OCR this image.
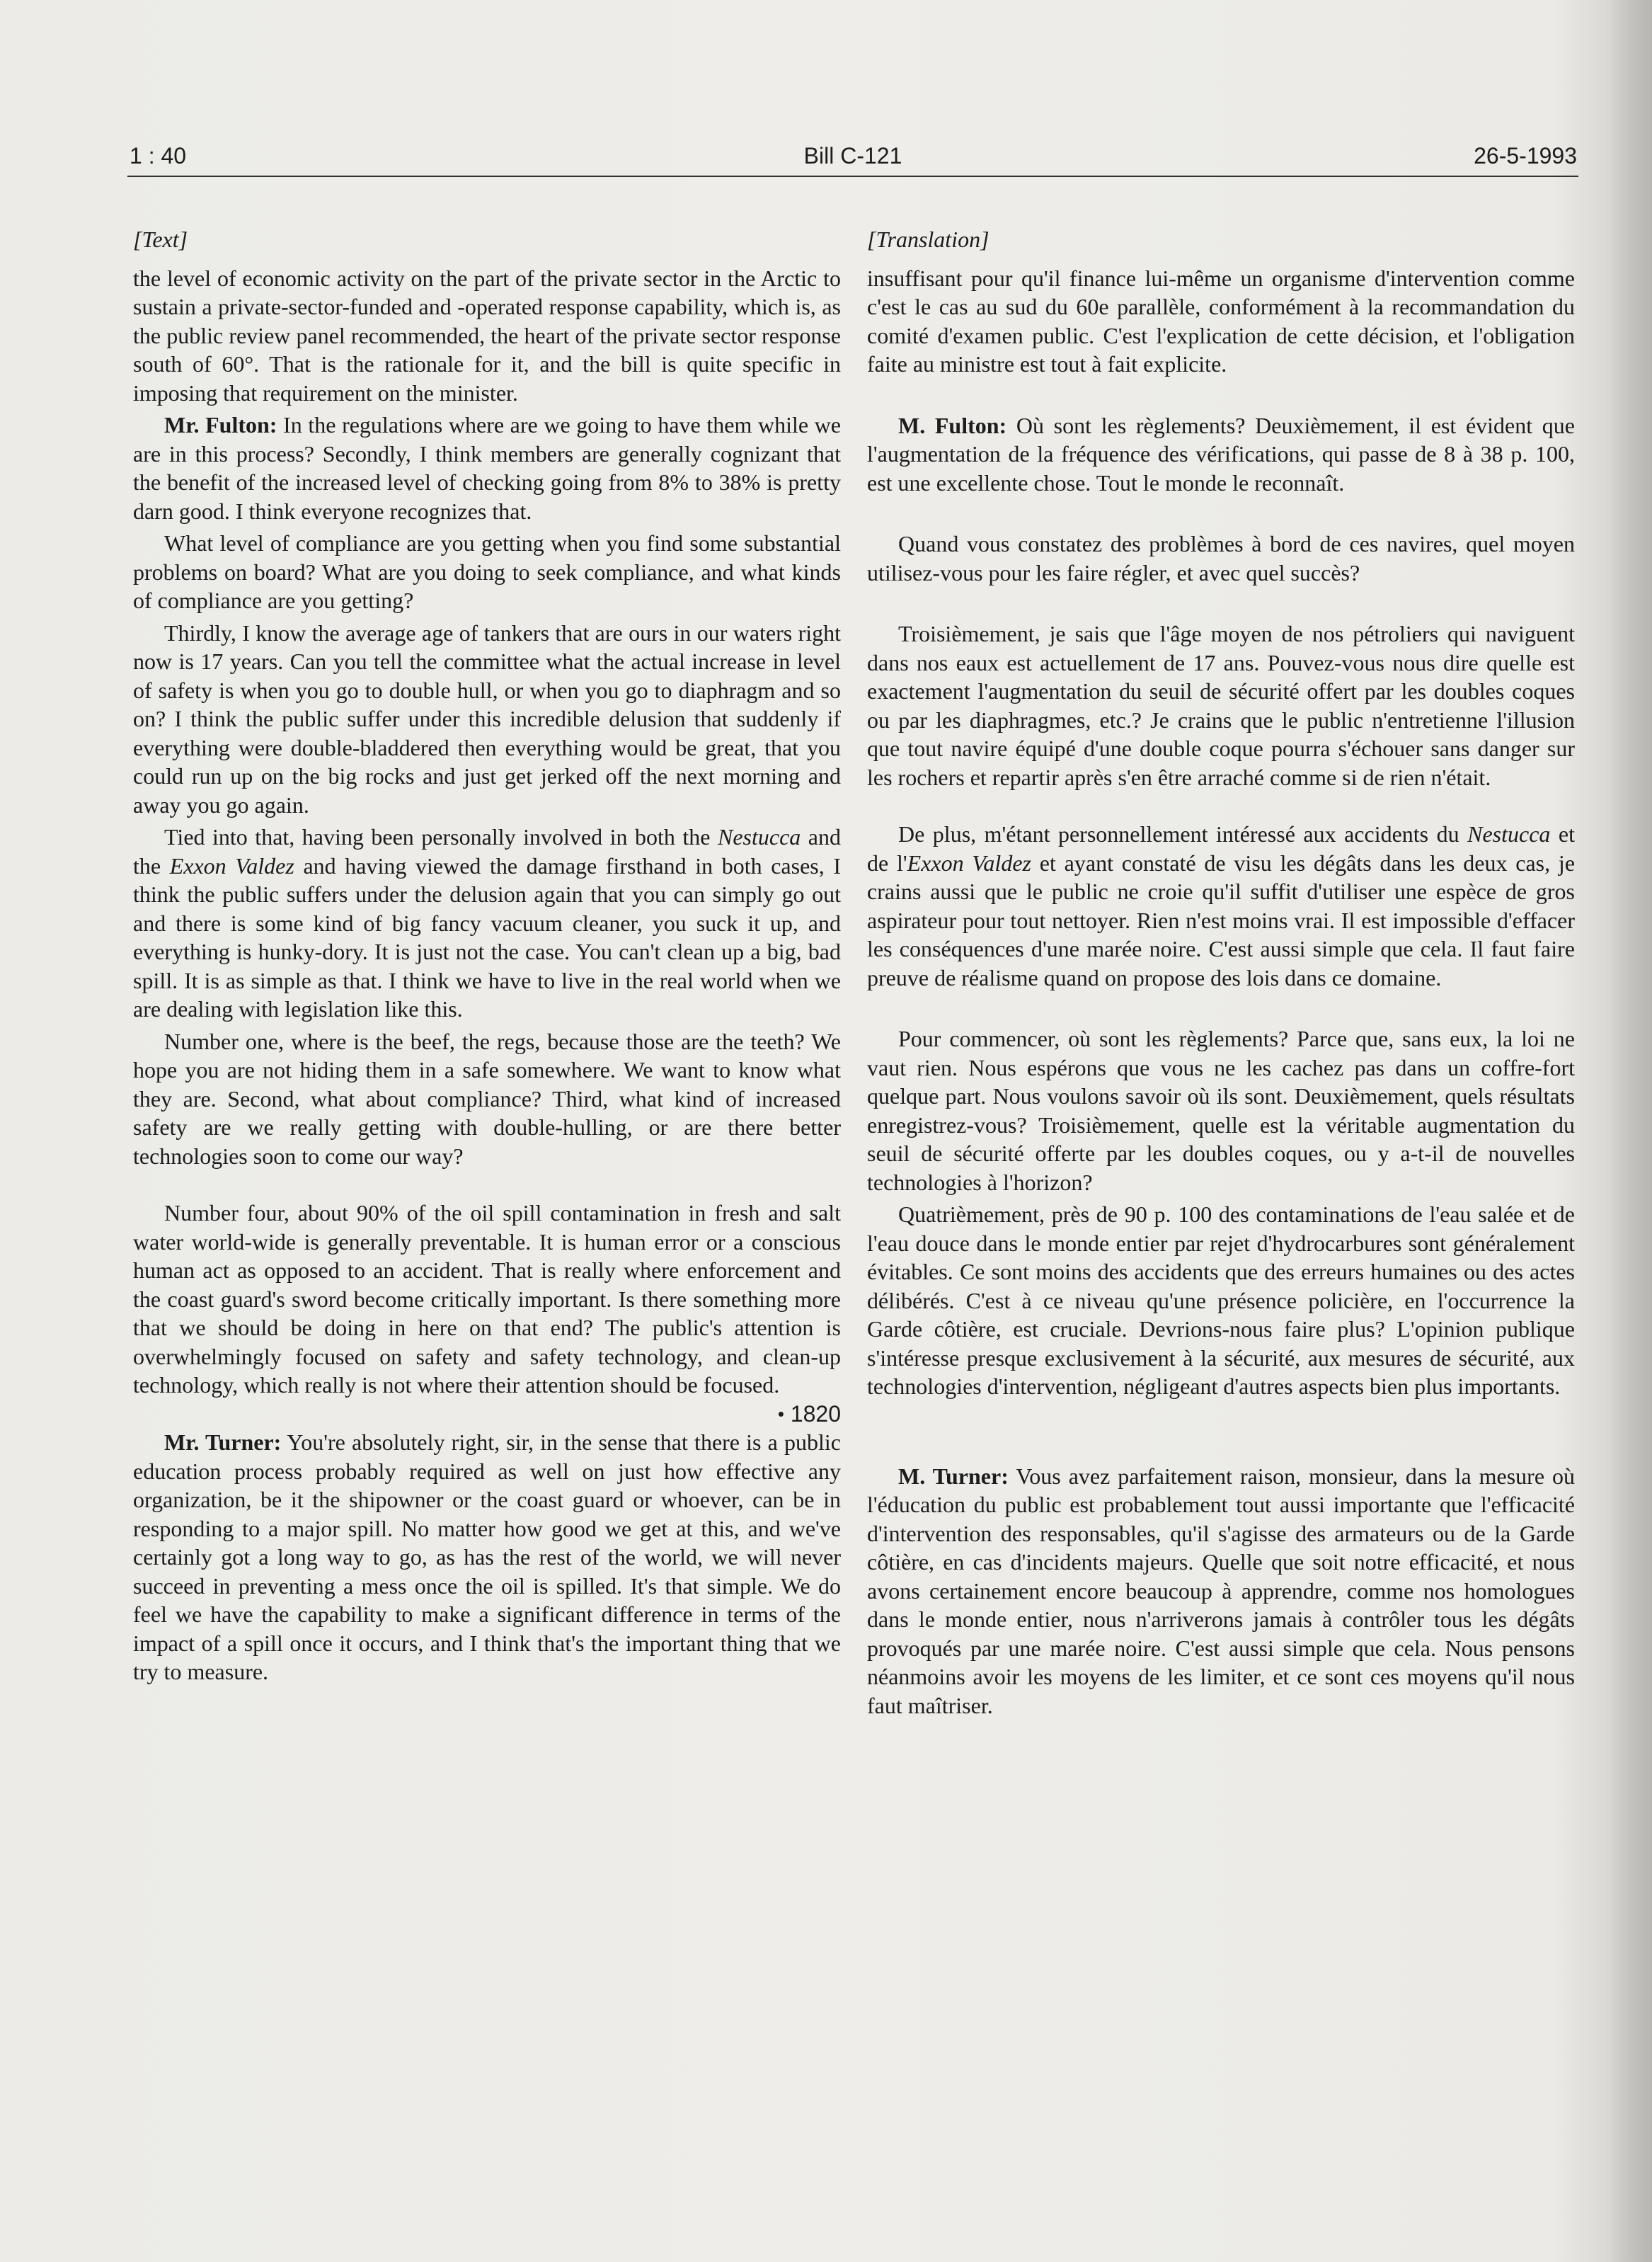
1 : 40	Bill C-121	26-5-1993

[Text]

the level of economic activity on the part of the private sector in the Arctic to sustain a private-sector-funded and -operated response capability, which is, as the public review panel recommended, the heart of the private sector response south of 60°. That is the rationale for it, and the bill is quite specific in imposing that requirement on the minister.

Mr. Fulton: In the regulations where are we going to have them while we are in this process? Secondly, I think members are generally cognizant that the benefit of the increased level of checking going from 8% to 38% is pretty darn good. I think everyone recognizes that.

What level of compliance are you getting when you find some substantial problems on board? What are you doing to seek compliance, and what kinds of compliance are you getting?

Thirdly, I know the average age of tankers that are ours in our waters right now is 17 years. Can you tell the committee what the actual increase in level of safety is when you go to double hull, or when you go to diaphragm and so on? I think the public suffer under this incredible delusion that suddenly if everything were double-bladdered then everything would be great, that you could run up on the big rocks and just get jerked off the next morning and away you go again.

Tied into that, having been personally involved in both the Nestucca and the Exxon Valdez and having viewed the damage firsthand in both cases, I think the public suffers under the delusion again that you can simply go out and there is some kind of big fancy vacuum cleaner, you suck it up, and everything is hunky-dory. It is just not the case. You can't clean up a big, bad spill. It is as simple as that. I think we have to live in the real world when we are dealing with legislation like this.

Number one, where is the beef, the regs, because those are the teeth? We hope you are not hiding them in a safe somewhere. We want to know what they are. Second, what about compliance? Third, what kind of increased safety are we really getting with double-hulling, or are there better technologies soon to come our way?

Number four, about 90% of the oil spill contamination in fresh and salt water world-wide is generally preventable. It is human error or a conscious human act as opposed to an accident. That is really where enforcement and the coast guard's sword become critically important. Is there something more that we should be doing in here on that end? The public's attention is overwhelmingly focused on safety and safety technology, and clean-up technology, which really is not where their attention should be focused.

• 1820

Mr. Turner: You're absolutely right, sir, in the sense that there is a public education process probably required as well on just how effective any organization, be it the shipowner or the coast guard or whoever, can be in responding to a major spill. No matter how good we get at this, and we've certainly got a long way to go, as has the rest of the world, we will never succeed in preventing a mess once the oil is spilled. It's that simple. We do feel we have the capability to make a significant difference in terms of the impact of a spill once it occurs, and I think that's the important thing that we try to measure.

[Translation]

insuffisant pour qu'il finance lui-même un organisme d'intervention comme c'est le cas au sud du 60e parallèle, conformément à la recommandation du comité d'examen public. C'est l'explication de cette décision, et l'obligation faite au ministre est tout à fait explicite.

M. Fulton: Où sont les règlements? Deuxièmement, il est évident que l'augmentation de la fréquence des vérifications, qui passe de 8 à 38 p. 100, est une excellente chose. Tout le monde le reconnaît.

Quand vous constatez des problèmes à bord de ces navires, quel moyen utilisez-vous pour les faire régler, et avec quel succès?

Troisièmement, je sais que l'âge moyen de nos pétroliers qui naviguent dans nos eaux est actuellement de 17 ans. Pouvez-vous nous dire quelle est exactement l'augmentation du seuil de sécurité offert par les doubles coques ou par les diaphragmes, etc.? Je crains que le public n'entretienne l'illusion que tout navire équipé d'une double coque pourra s'échouer sans danger sur les rochers et repartir après s'en être arraché comme si de rien n'était.

De plus, m'étant personnellement intéressé aux accidents du Nestucca et de l'Exxon Valdez et ayant constaté de visu les dégâts dans les deux cas, je crains aussi que le public ne croie qu'il suffit d'utiliser une espèce de gros aspirateur pour tout nettoyer. Rien n'est moins vrai. Il est impossible d'effacer les conséquences d'une marée noire. C'est aussi simple que cela. Il faut faire preuve de réalisme quand on propose des lois dans ce domaine.

Pour commencer, où sont les règlements? Parce que, sans eux, la loi ne vaut rien. Nous espérons que vous ne les cachez pas dans un coffre-fort quelque part. Nous voulons savoir où ils sont. Deuxièmement, quels résultats enregistrez-vous? Troisièmement, quelle est la véritable augmentation du seuil de sécurité offerte par les doubles coques, ou y a-t-il de nouvelles technologies à l'horizon?

Quatrièmement, près de 90 p. 100 des contaminations de l'eau salée et de l'eau douce dans le monde entier par rejet d'hydrocarbures sont généralement évitables. Ce sont moins des accidents que des erreurs humaines ou des actes délibérés. C'est à ce niveau qu'une présence policière, en l'occurrence la Garde côtière, est cruciale. Devrions-nous faire plus? L'opinion publique s'intéresse presque exclusivement à la sécurité, aux mesures de sécurité, aux technologies d'intervention, négligeant d'autres aspects bien plus importants.

M. Turner: Vous avez parfaitement raison, monsieur, dans la mesure où l'éducation du public est probablement tout aussi importante que l'efficacité d'intervention des responsables, qu'il s'agisse des armateurs ou de la Garde côtière, en cas d'incidents majeurs. Quelle que soit notre efficacité, et nous avons certainement encore beaucoup à apprendre, comme nos homologues dans le monde entier, nous n'arriverons jamais à contrôler tous les dégâts provoqués par une marée noire. C'est aussi simple que cela. Nous pensons néanmoins avoir les moyens de les limiter, et ce sont ces moyens qu'il nous faut maîtriser.
